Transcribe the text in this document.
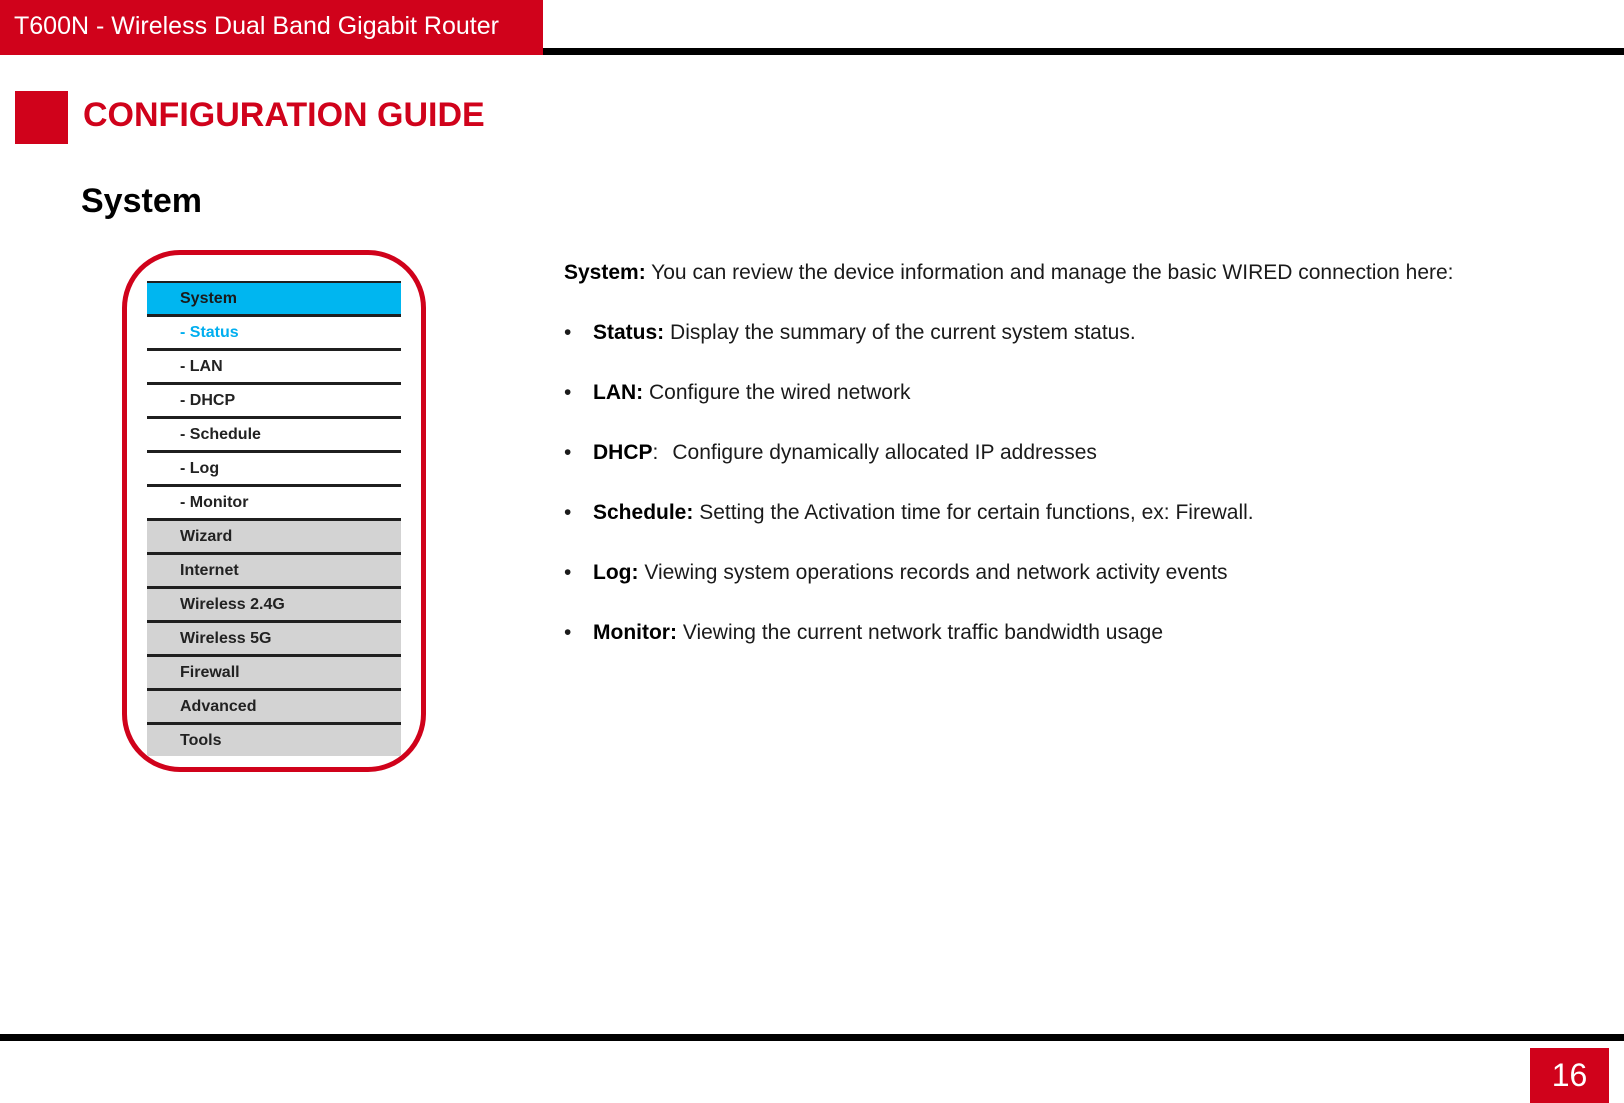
T600N - Wireless Dual Band Gigabit Router
CONFIGURATION GUIDE
System
System
- Status
- LAN
- DHCP
- Schedule
- Log
- Monitor
Wizard
Internet
Wireless 2.4G
Wireless 5G
Firewall
Advanced
Tools

System: You can review the device information and manage the basic WIRED connection here:

• Status: Display the summary of the current system status.
• LAN: Configure the wired network
• DHCP: Configure dynamically allocated IP addresses
• Schedule: Setting the Activation time for certain functions, ex: Firewall.
• Log: Viewing system operations records and network activity events
• Monitor: Viewing the current network traffic bandwidth usage
16
